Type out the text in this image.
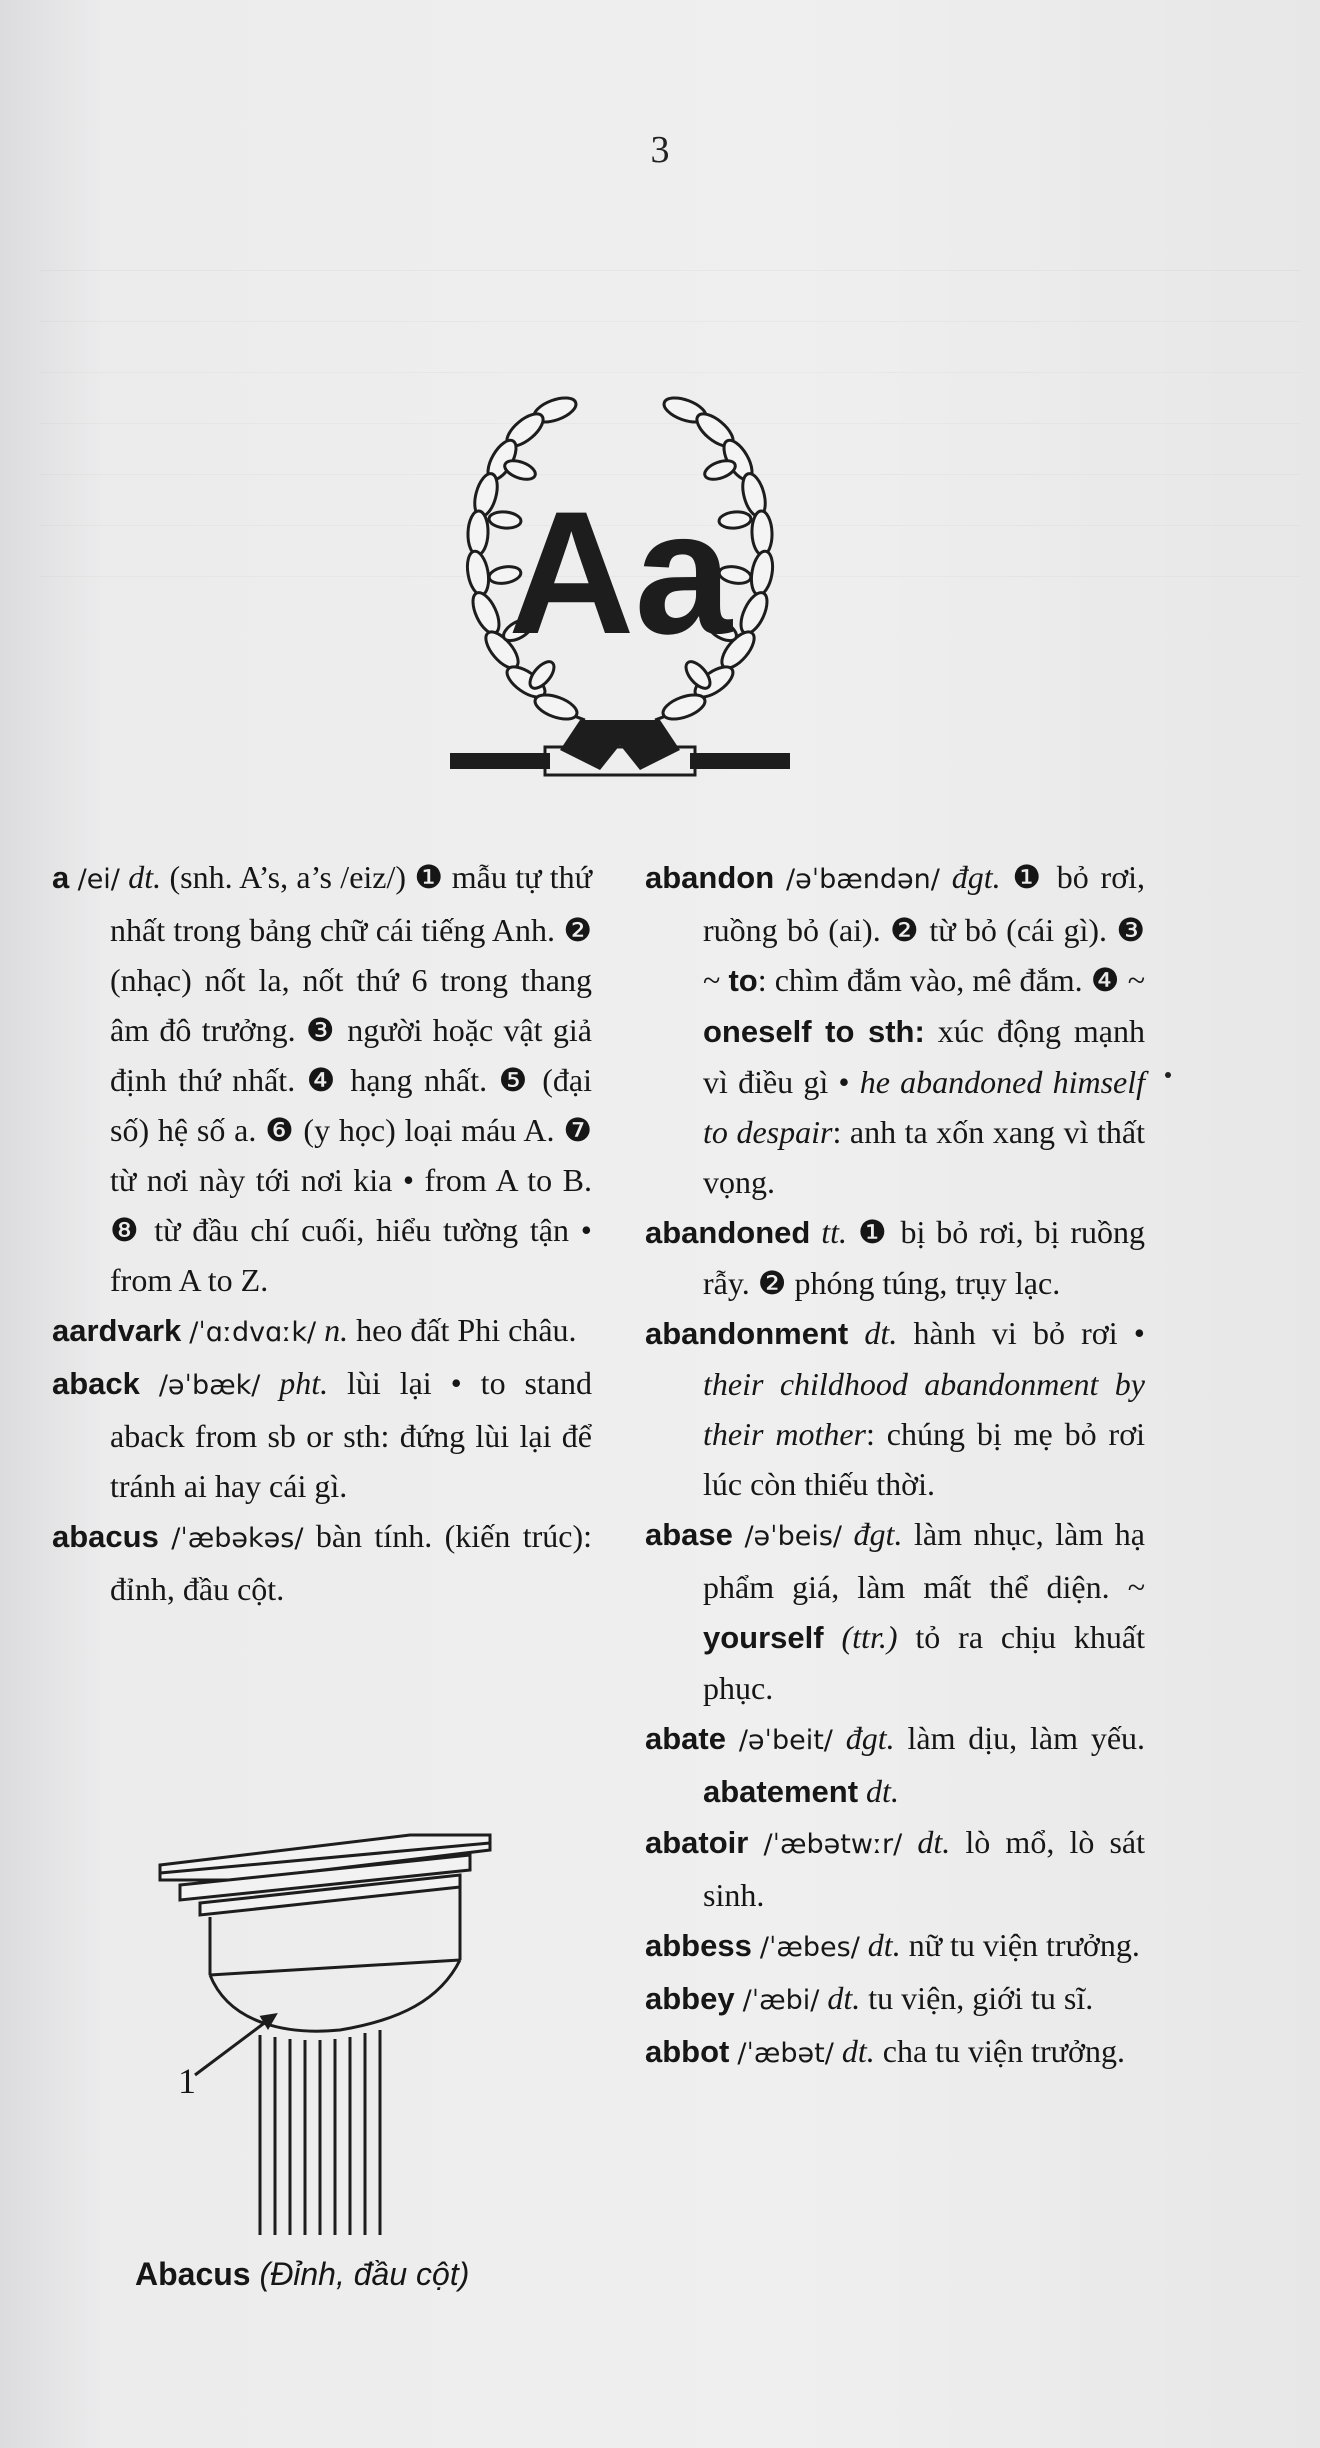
3
Aa

a /ei/ dt. (snh. A’s, a’s /eiz/) ❶ mẫu tự thứ nhất trong bảng chữ cái tiếng Anh. ❷ (nhạc) nốt la, nốt thứ 6 trong thang âm đô trưởng. ❸ người hoặc vật giả định thứ nhất. ❹ hạng nhất. ❺ (đại số) hệ số a. ❻ (y học) loại máu A. ❼ từ nơi này tới nơi kia • from A to B. ❽ từ đầu chí cuối, hiểu tường tận • from A to Z.

aardvark /ˈɑːdvɑːk/ n. heo đất Phi châu.

aback /əˈbæk/ pht. lùi lại • to stand aback from sb or sth: đứng lùi lại để tránh ai hay cái gì.

abacus /ˈæbəkəs/ bàn tính. (kiến trúc): đỉnh, đầu cột.

1
Abacus (Đỉnh, đầu cột)

abandon /əˈbændən/ đgt. ❶ bỏ rơi, ruồng bỏ (ai). ❷ từ bỏ (cái gì). ❸ ~ to: chìm đắm vào, mê đắm. ❹ ~ oneself to sth: xúc động mạnh vì điều gì • he abandoned himself to despair: anh ta xốn xang vì thất vọng.

abandoned tt. ❶ bị bỏ rơi, bị ruồng rẫy. ❷ phóng túng, trụy lạc.

abandonment dt. hành vi bỏ rơi • their childhood abandonment by their mother: chúng bị mẹ bỏ rơi lúc còn thiếu thời.

abase /əˈbeis/ đgt. làm nhục, làm hạ phẩm giá, làm mất thể diện. ~ yourself (ttr.) tỏ ra chịu khuất phục.

abate /əˈbeit/ đgt. làm dịu, làm yếu. abatement dt.

abatoir /ˈæbətwːr/ dt. lò mổ, lò sát sinh.

abbess /ˈæbes/ dt. nữ tu viện trưởng.

abbey /ˈæbi/ dt. tu viện, giới tu sĩ.

abbot /ˈæbət/ dt. cha tu viện trưởng.
